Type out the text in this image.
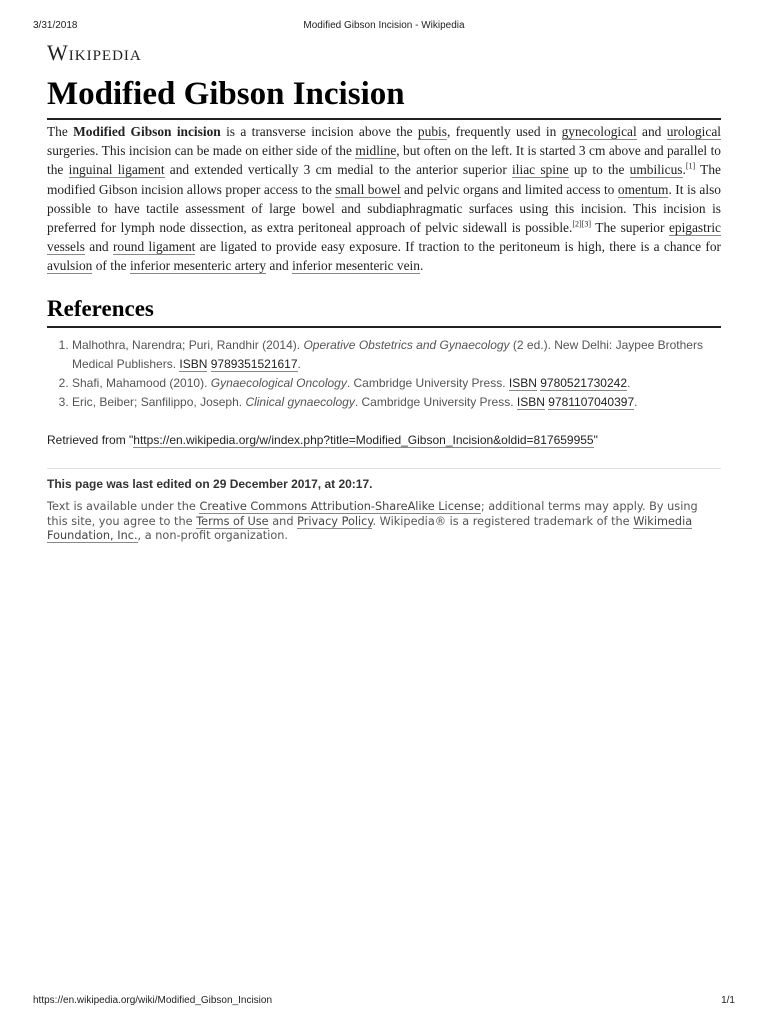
3/31/2018	Modified Gibson Incision - Wikipedia
Wikipedia
Modified Gibson Incision

The Modified Gibson incision is a transverse incision above the pubis, frequently used in gynecological and urological surgeries. This incision can be made on either side of the midline, but often on the left. It is started 3 cm above and parallel to the inguinal ligament and extended vertically 3 cm medial to the anterior superior iliac spine up to the umbilicus.[1] The modified Gibson incision allows proper access to the small bowel and pelvic organs and limited access to omentum. It is also possible to have tactile assessment of large bowel and subdiaphragmatic surfaces using this incision. This incision is preferred for lymph node dissection, as extra peritoneal approach of pelvic sidewall is possible.[2][3] The superior epigastric vessels and round ligament are ligated to provide easy exposure. If traction to the peritoneum is high, there is a chance for avulsion of the inferior mesenteric artery and inferior mesenteric vein.

References
1. Malhothra, Narendra; Puri, Randhir (2014). Operative Obstetrics and Gynaecology (2 ed.). New Delhi: Jaypee Brothers Medical Publishers. ISBN 9789351521617.
2. Shafi, Mahamood (2010). Gynaecological Oncology. Cambridge University Press. ISBN 9780521730242.
3. Eric, Beiber; Sanfilippo, Joseph. Clinical gynaecology. Cambridge University Press. ISBN 9781107040397.

Retrieved from "https://en.wikipedia.org/w/index.php?title=Modified_Gibson_Incision&oldid=817659955"

This page was last edited on 29 December 2017, at 20:17.

Text is available under the Creative Commons Attribution-ShareAlike License; additional terms may apply. By using this site, you agree to the Terms of Use and Privacy Policy. Wikipedia® is a registered trademark of the Wikimedia Foundation, Inc., a non-profit organization.

https://en.wikipedia.org/wiki/Modified_Gibson_Incision	1/1
